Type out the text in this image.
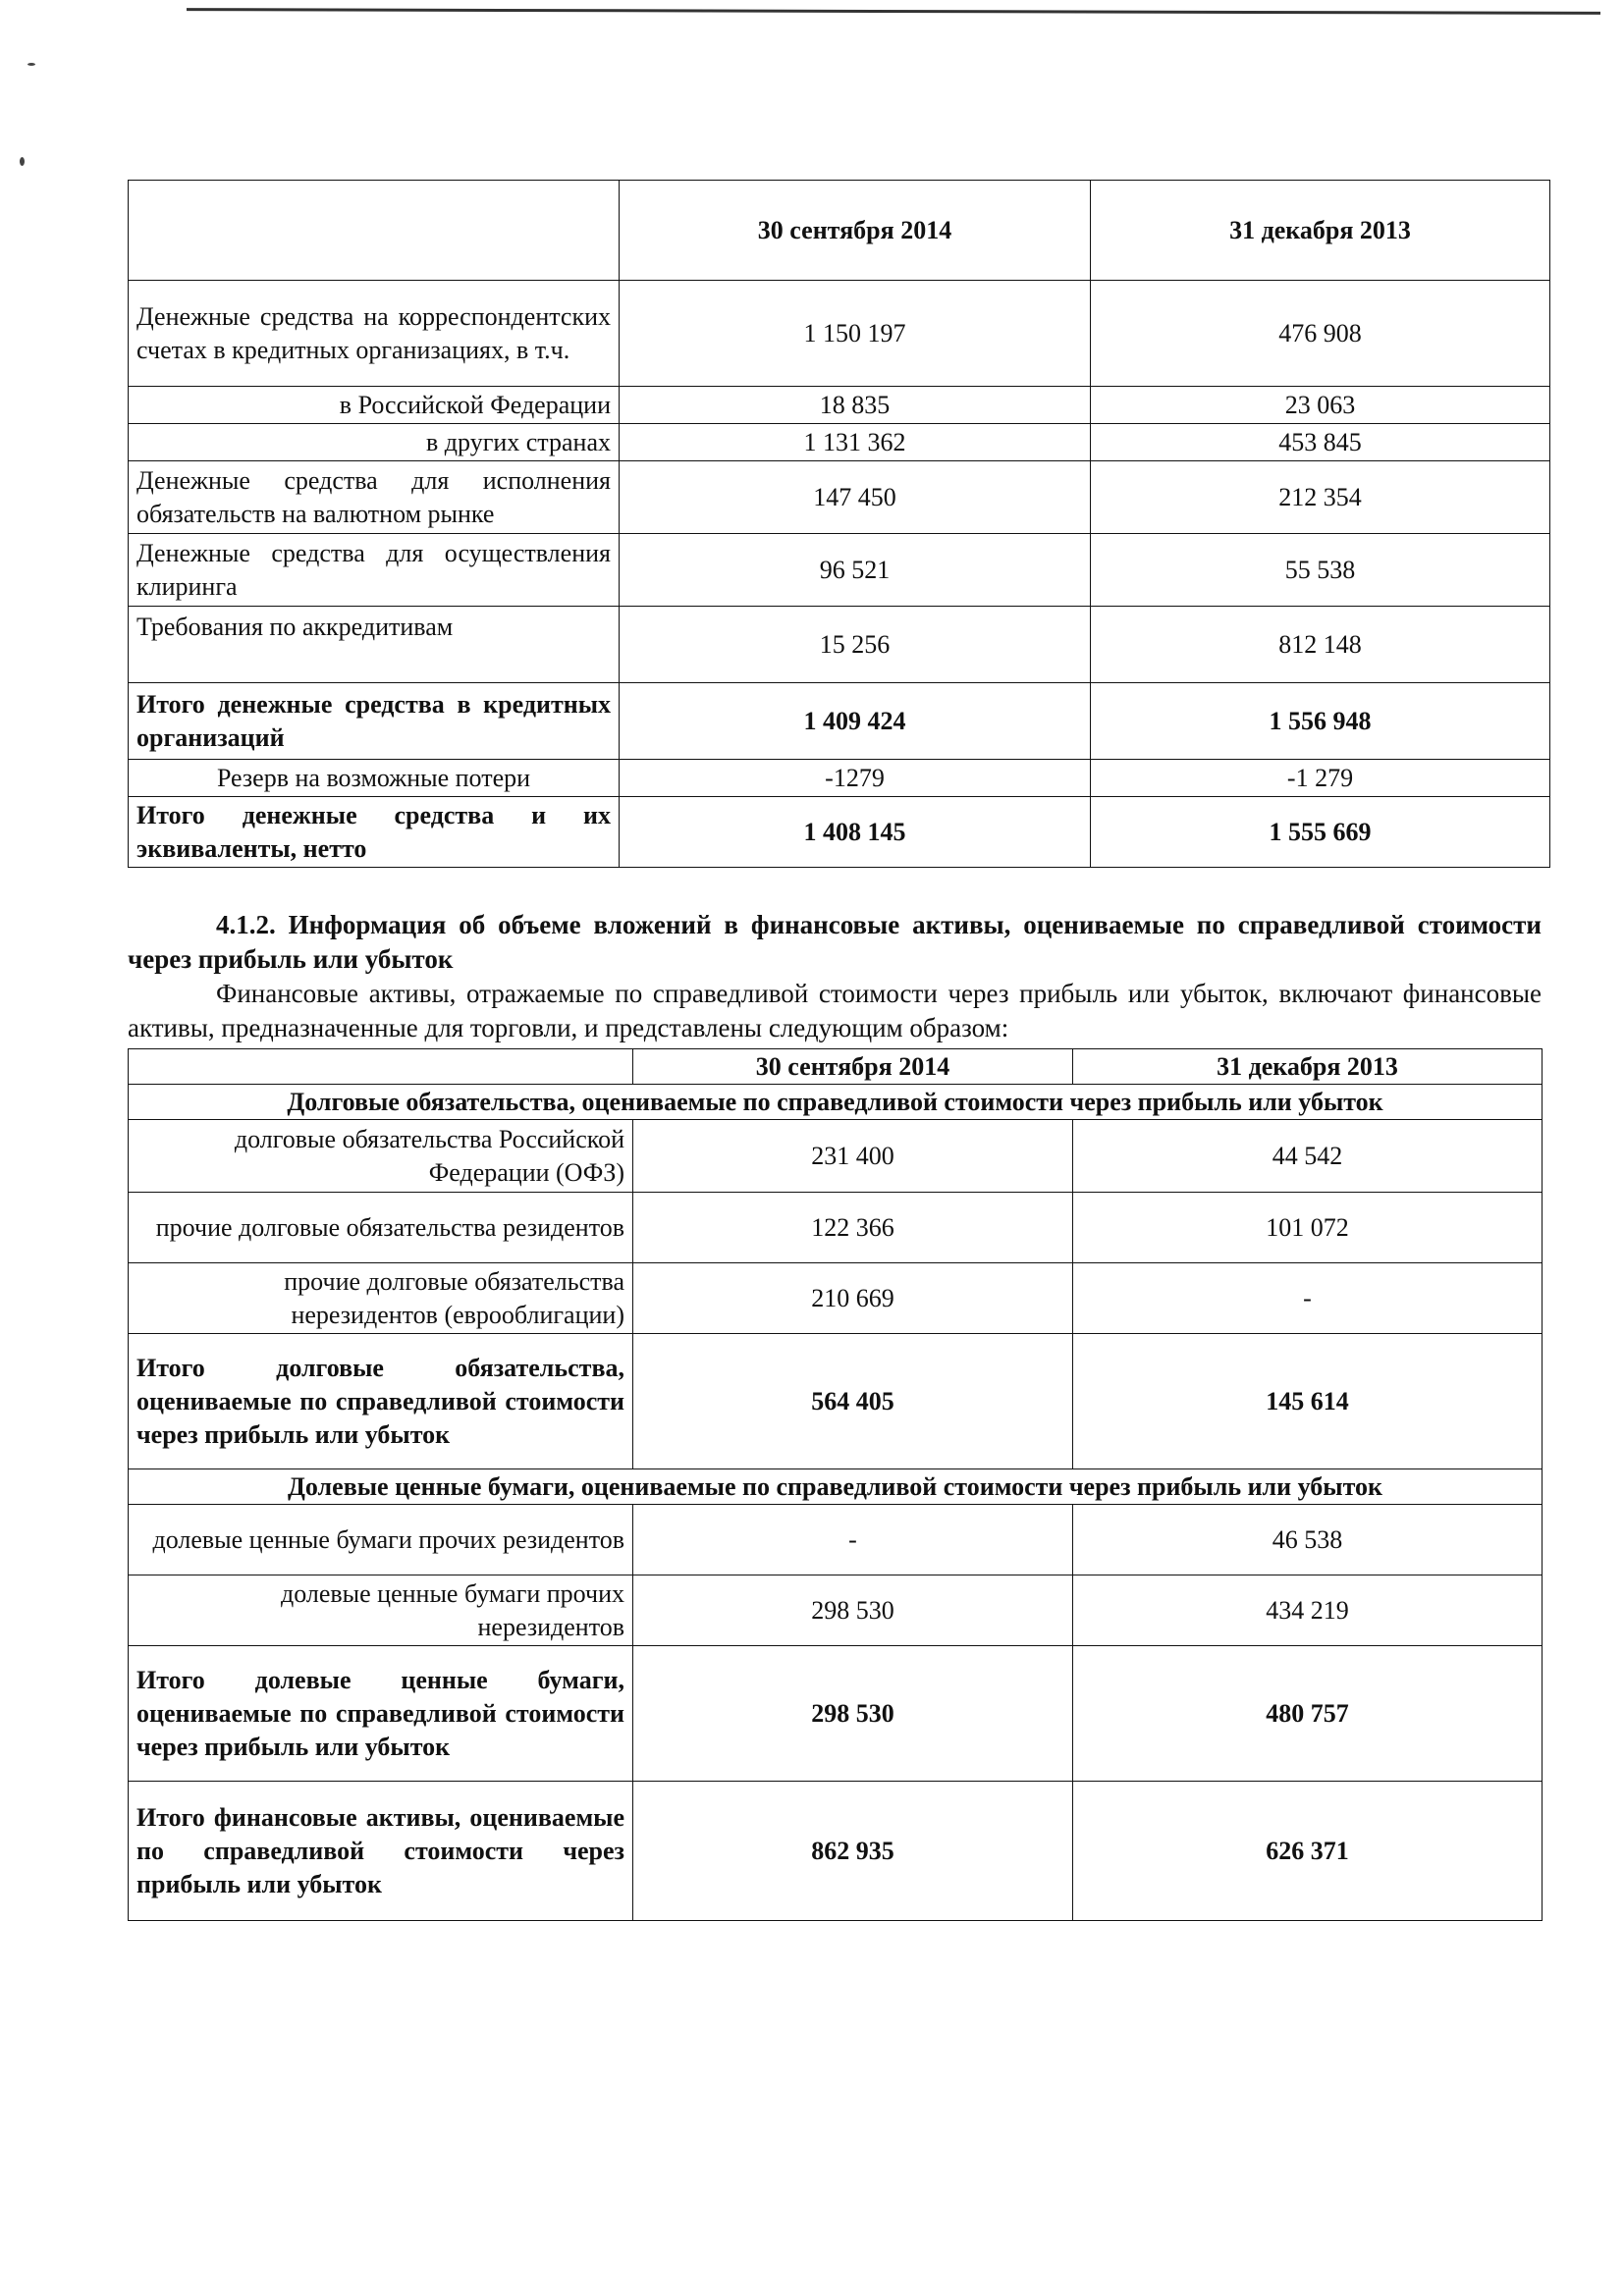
	30 сентября 2014	31 декабря 2013
Денежные средства на корреспондентских счетах в кредитных организациях, в т.ч.	1 150 197	476 908
в Российской Федерации	18 835	23 063
в других странах	1 131 362	453 845
Денежные средства для исполнения обязательств на валютном рынке	147 450	212 354
Денежные средства для осуществления клиринга	96 521	55 538
Требования по аккредитивам	15 256	812 148
Итого денежные средства в кредитных организаций	1 409 424	1 556 948
Резерв на возможные потери	-1279	-1 279
Итого денежные средства и их эквиваленты, нетто	1 408 145	1 555 669

4.1.2. Информация об объеме вложений в финансовые активы, оцениваемые по справедливой стоимости через прибыль или убыток

Финансовые активы, отражаемые по справедливой стоимости через прибыль или убыток, включают финансовые активы, предназначенные для торговли, и представлены следующим образом:

	30 сентября 2014	31 декабря 2013
Долговые обязательства, оцениваемые по справедливой стоимости через прибыль или убыток		
долговые обязательства Российской Федерации (ОФЗ)	231 400	44 542
прочие долговые обязательства резидентов	122 366	101 072
прочие долговые обязательства нерезидентов (еврооблигации)	210 669	-
Итого долговые обязательства, оцениваемые по справедливой стоимости через прибыль или убыток	564 405	145 614
Долевые ценные бумаги, оцениваемые по справедливой стоимости через прибыль или убыток		
долевые ценные бумаги прочих резидентов	-	46 538
долевые ценные бумаги прочих нерезидентов	298 530	434 219
Итого долевые ценные бумаги, оцениваемые по справедливой стоимости через прибыль или убыток	298 530	480 757
Итого финансовые активы, оцениваемые по справедливой стоимости через прибыль или убыток	862 935	626 371
